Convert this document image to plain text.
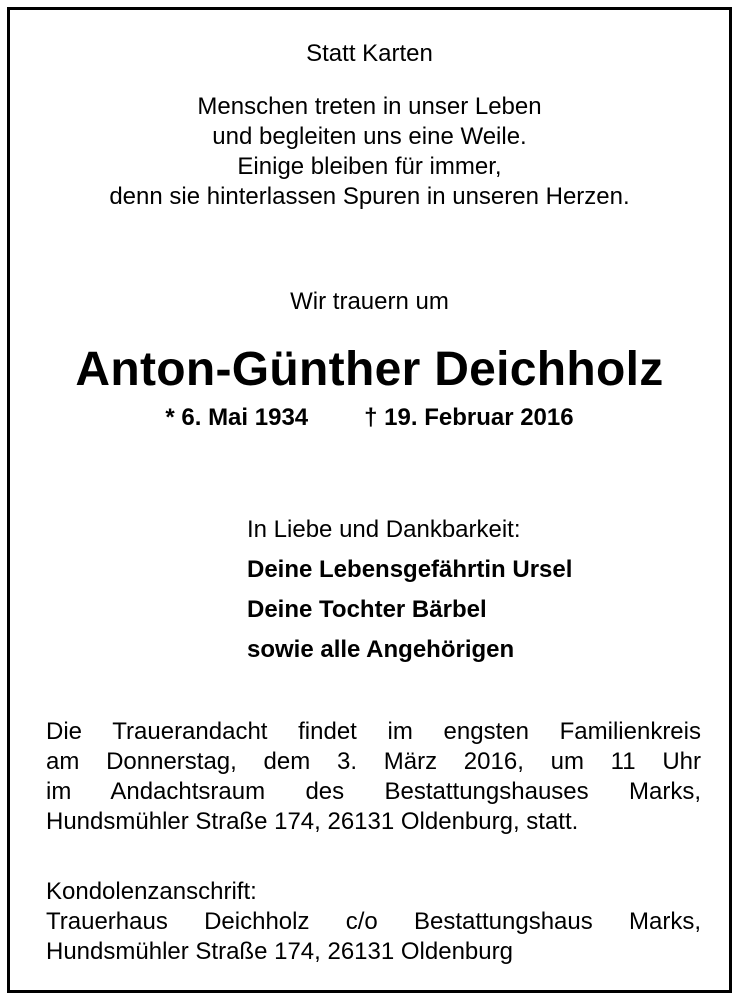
Statt Karten

Menschen treten in unser Leben
und begleiten uns eine Weile.
Einige bleiben für immer,
denn sie hinterlassen Spuren in unseren Herzen.

Wir trauern um

Anton-Günther Deichholz

* 6. Mai 1934 † 19. Februar 2016
In Liebe und Dankbarkeit:
Deine Lebensgefährtin Ursel
Deine Tochter Bärbel
sowie alle Angehörigen
Die Trauerandacht findet im engsten Familienkreis
am Donnerstag, dem 3. März 2016, um 11 Uhr
im Andachtsraum des Bestattungshauses Marks,
Hundsmühler Straße 174, 26131 Oldenburg, statt.
Kondolenzanschrift:
Trauerhaus Deichholz c/o Bestattungshaus Marks,
Hundsmühler Straße 174, 26131 Oldenburg
